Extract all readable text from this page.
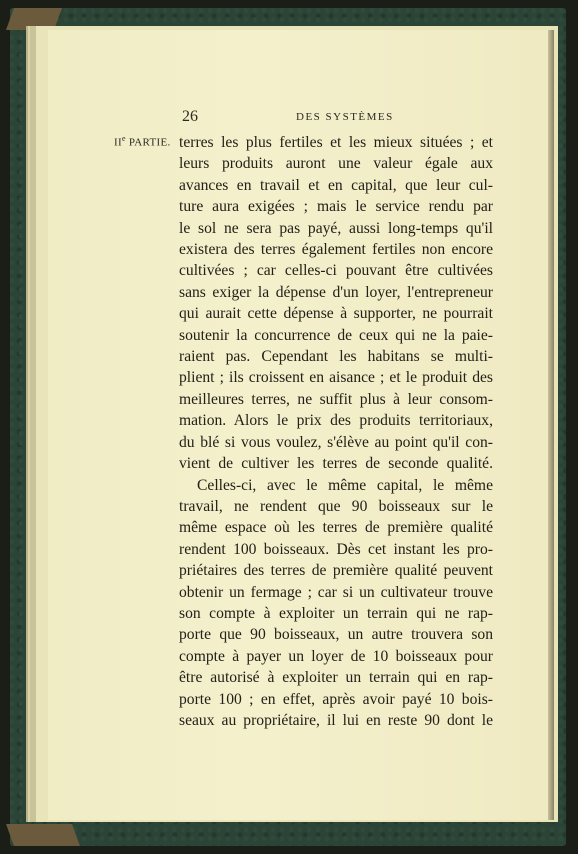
26	DES SYSTÈMES
IIe PARTIE. terres les plus fertiles et les mieux situées ; et
leurs produits auront une valeur égale aux
avances en travail et en capital, que leur cul-
ture aura exigées ; mais le service rendu par
le sol ne sera pas payé, aussi long-temps qu'il
existera des terres également fertiles non encore
cultivées ; car celles-ci pouvant être cultivées
sans exiger la dépense d'un loyer, l'entrepreneur
qui aurait cette dépense à supporter, ne pourrait
soutenir la concurrence de ceux qui ne la paie-
raient pas. Cependant les habitans se multi-
plient ; ils croissent en aisance ; et le produit des
meilleures terres, ne suffit plus à leur consom-
mation. Alors le prix des produits territoriaux,
du blé si vous voulez, s'élève au point qu'il con-
vient de cultiver les terres de seconde qualité.
Celles-ci, avec le même capital, le même
travail, ne rendent que 90 boisseaux sur le
même espace où les terres de première qualité
rendent 100 boisseaux. Dès cet instant les pro-
priétaires des terres de première qualité peuvent
obtenir un fermage ; car si un cultivateur trouve
son compte à exploiter un terrain qui ne rap-
porte que 90 boisseaux, un autre trouvera son
compte à payer un loyer de 10 boisseaux pour
être autorisé à exploiter un terrain qui en rap-
porte 100 ; en effet, après avoir payé 10 bois-
seaux au propriétaire, il lui en reste 90 dont le
